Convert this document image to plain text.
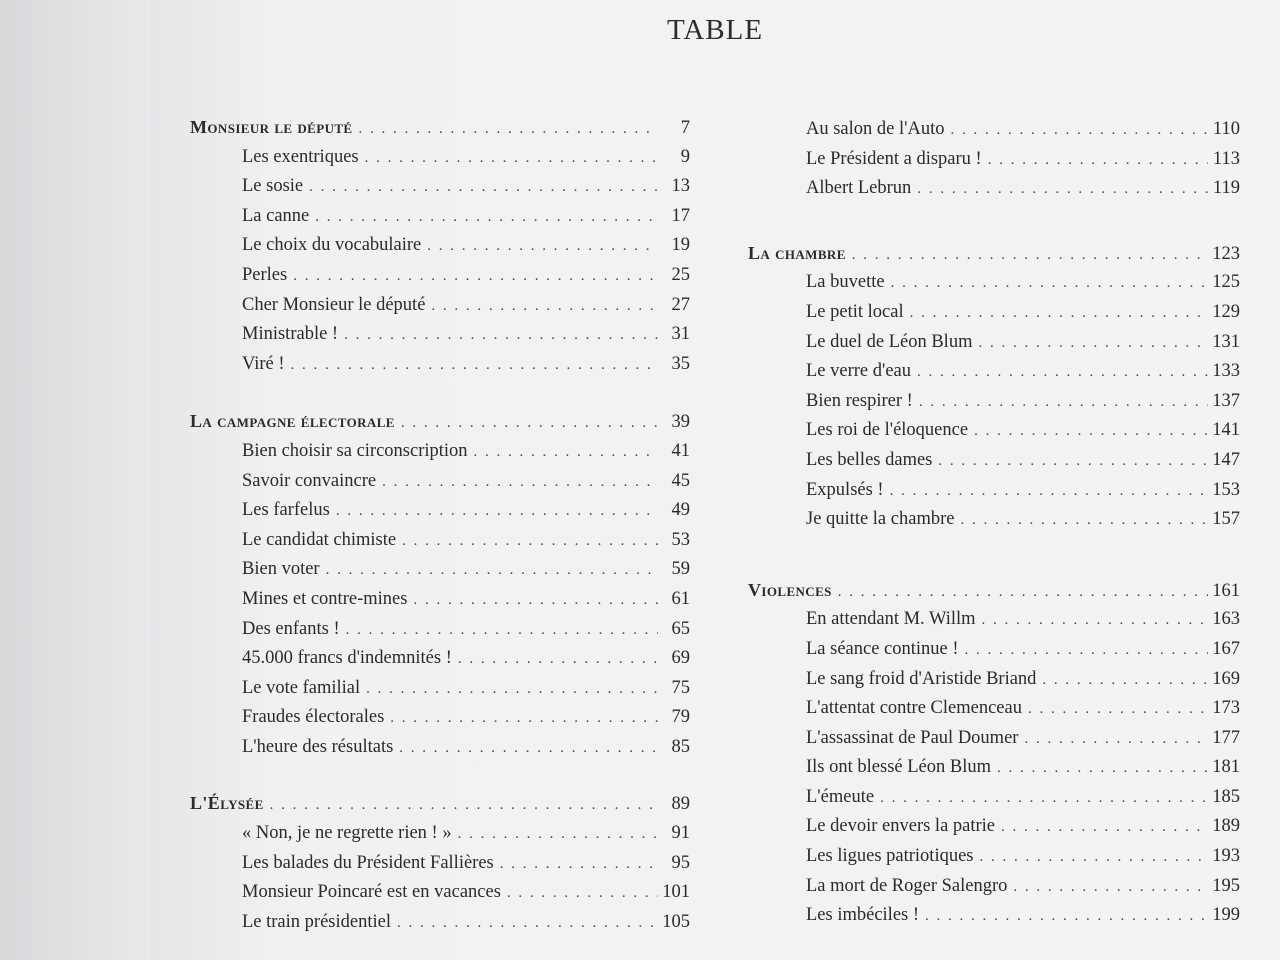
TABLE
Monsieur le député . . .	7
Les exentriques . . .	9
Le sosie . . .	13
La canne . . .	17
Le choix du vocabulaire . . .	19
Perles . . .	25
Cher Monsieur le député . . .	27
Ministrable ! . . .	31
Viré ! . . .	35
La campagne électorale . . .	39
Bien choisir sa circonscription . . .	41
Savoir convaincre . . .	45
Les farfelus . . .	49
Le candidat chimiste . . .	53
Bien voter . . .	59
Mines et contre-mines . . .	61
Des enfants ! . . .	65
45.000 francs d'indemnités ! . . .	69
Le vote familial . . .	75
Fraudes électorales . . .	79
L'heure des résultats . . .	85
L'Élysée . . .	89
« Non, je ne regrette rien ! » . . .	91
Les balades du Président Fallières . . .	95
Monsieur Poincaré est en vacances . . .	101
Le train présidentiel . . .	105
Au salon de l'Auto . . .	110
Le Président a disparu ! . . .	113
Albert Lebrun . . .	119
La chambre . . .	123
La buvette . . .	125
Le petit local . . .	129
Le duel de Léon Blum . . .	131
Le verre d'eau . . .	133
Bien respirer ! . . .	137
Les roi de l'éloquence . . .	141
Les belles dames . . .	147
Expulsés ! . . .	153
Je quitte la chambre . . .	157
Violences . . .	161
En attendant M. Willm . . .	163
La séance continue ! . . .	167
Le sang froid d'Aristide Briand . . .	169
L'attentat contre Clemenceau . . .	173
L'assassinat de Paul Doumer . . .	177
Ils ont blessé Léon Blum . . .	181
L'émeute . . .	185
Le devoir envers la patrie . . .	189
Les ligues patriotiques . . .	193
La mort de Roger Salengro . . .	195
Les imbéciles ! . . .	199
